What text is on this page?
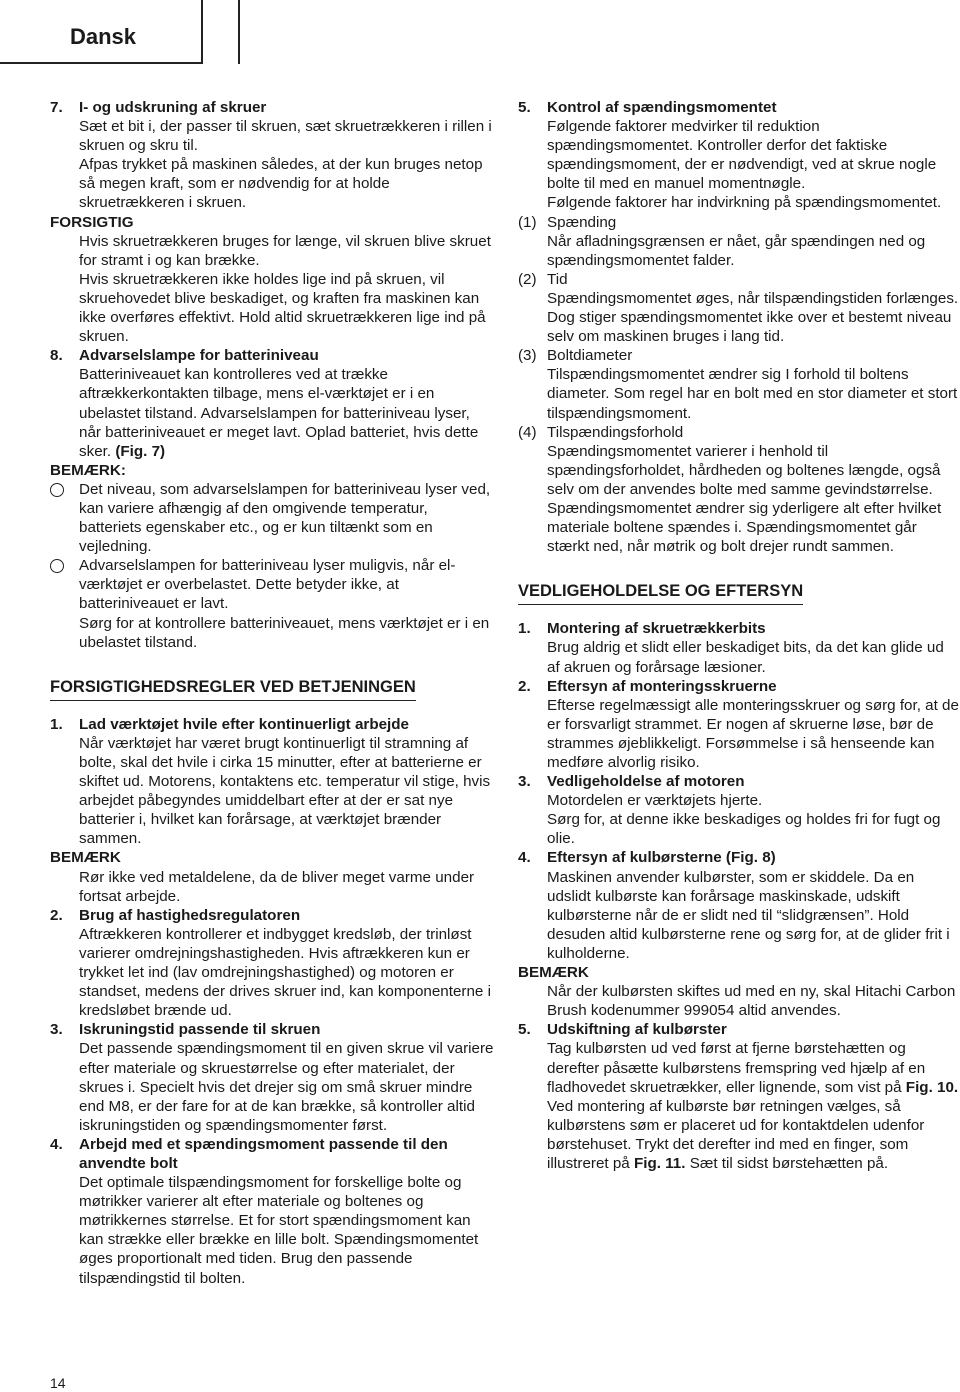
Dansk
7. I- og udskruning af skruer
Sæt et bit i, der passer til skruen, sæt skruetrækkeren i rillen i skruen og skru til.
Afpas trykket på maskinen således, at der kun bruges netop så megen kraft, som er nødvendig for at holde skruetrækkeren i skruen.
FORSIGTIG
Hvis skruetrækkeren bruges for længe, vil skruen blive skruet for stramt i og kan brække.
Hvis skruetrækkeren ikke holdes lige ind på skruen, vil skruehovedet blive beskadiget, og kraften fra maskinen kan ikke overføres effektivt. Hold altid skruetrækkeren lige ind på skruen.
8. Advarselslampe for batteriniveau
Batteriniveauet kan kontrolleres ved at trække aftrækkerkontakten tilbage, mens el-værktøjet er i en ubelastet tilstand. Advarselslampen for batteriniveau lyser, når batteriniveauet er meget lavt. Oplad batteriet, hvis dette sker. (Fig. 7)
BEMÆRK:
Det niveau, som advarselslampen for batteriniveau lyser ved, kan variere afhængig af den omgivende temperatur, batteriets egenskaber etc., og er kun tiltænkt som en vejledning.
Advarselslampen for batteriniveau lyser muligvis, når el-værktøjet er overbelastet. Dette betyder ikke, at batteriniveauet er lavt.
Sørg for at kontrollere batteriniveauet, mens værktøjet er i en ubelastet tilstand.
FORSIGTIGHEDSREGLER VED BETJENINGEN
1. Lad værktøjet hvile efter kontinuerligt arbejde
Når værktøjet har været brugt kontinuerligt til stramning af bolte, skal det hvile i cirka 15 minutter, efter at batterierne er skiftet ud. Motorens, kontaktens etc. temperatur vil stige, hvis arbejdet påbegyndes umiddelbart efter at der er sat nye batterier i, hvilket kan forårsage, at værktøjet brænder sammen.
BEMÆRK
Rør ikke ved metaldelene, da de bliver meget varme under fortsat arbejde.
2. Brug af hastighedsregulatoren
Aftrækkeren kontrollerer et indbygget kredsløb, der trinløst varierer omdrejningshastigheden. Hvis aftrækkeren kun er trykket let ind (lav omdrejningshastighed) og motoren er standset, medens der drives skruer ind, kan komponenterne i kredsløbet brænde ud.
3. Iskruningstid passende til skruen
Det passende spændingsmoment til en given skrue vil variere efter materiale og skruestørrelse og efter materialet, der skrues i. Specielt hvis det drejer sig om små skruer mindre end M8, er der fare for at de kan brække, så kontroller altid iskruningstiden og spændingsmomenter først.
4. Arbejd med et spændingsmoment passende til den anvendte bolt
Det optimale tilspændingsmoment for forskellige bolte og møtrikker varierer alt efter materiale og boltenes og møtrikkernes størrelse. Et for stort spændingsmoment kan kan strække eller brække en lille bolt. Spændingsmomentet øges proportionalt med tiden. Brug den passende tilspændingstid til bolten.
5. Kontrol af spændingsmomentet
Følgende faktorer medvirker til reduktion spændingsmomentet. Kontroller derfor det faktiske spændingsmoment, der er nødvendigt, ved at skrue nogle bolte til med en manuel momentnøgle.
Følgende faktorer har indvirkning på spændingsmomentet.
(1) Spænding
Når afladningsgrænsen er nået, går spændingen ned og spændingsmomentet falder.
(2) Tid
Spændingsmomentet øges, når tilspændingstiden forlænges. Dog stiger spændingsmomentet ikke over et bestemt niveau selv om maskinen bruges i lang tid.
(3) Boltdiameter
Tilspændingsmomentet ændrer sig I forhold til boltens diameter. Som regel har en bolt med en stor diameter et stort tilspændingsmoment.
(4) Tilspændingsforhold
Spændingsmomentet varierer i henhold til spændingsforholdet, hårdheden og boltenes længde, også selv om der anvendes bolte med samme gevindstørrelse.
Spændingsmomentet ændrer sig yderligere alt efter hvilket materiale boltene spændes i. Spændingsmomentet går stærkt ned, når møtrik og bolt drejer rundt sammen.
VEDLIGEHOLDELSE OG EFTERSYN
1. Montering af skruetrækkerbits
Brug aldrig et slidt eller beskadiget bits, da det kan glide ud af akruen og forårsage læsioner.
2. Eftersyn af monteringsskruerne
Efterse regelmæssigt alle monteringsskruer og sørg for, at de er forsvarligt strammet. Er nogen af skruerne løse, bør de strammes øjeblikkeligt. Forsømmelse i så henseende kan medføre alvorlig risiko.
3. Vedligeholdelse af motoren
Motordelen er værktøjets hjerte.
Sørg for, at denne ikke beskadiges og holdes fri for fugt og olie.
4. Eftersyn af kulbørsterne (Fig. 8)
Maskinen anvender kulbørster, som er skiddele. Da en udslidt kulbørste kan forårsage maskinskade, udskift kulbørsterne når de er slidt ned til “slidgrænsen”. Hold desuden altid kulbørsterne rene og sørg for, at de glider frit i kulholderne.
BEMÆRK
Når der kulbørsten skiftes ud med en ny, skal Hitachi Carbon Brush kodenummer 999054 altid anvendes.
5. Udskiftning af kulbørster
Tag kulbørsten ud ved først at fjerne børstehætten og derefter påsætte kulbørstens fremspring ved hjælp af en fladhovedet skruetrækker, eller lignende, som vist på Fig. 10.
Ved montering af kulbørste bør retningen vælges, så kulbørstens søm er placeret ud for kontaktdelen udenfor børstehuset. Trykt det derefter ind med en finger, som illustreret på Fig. 11. Sæt til sidst børstehætten på.
14
